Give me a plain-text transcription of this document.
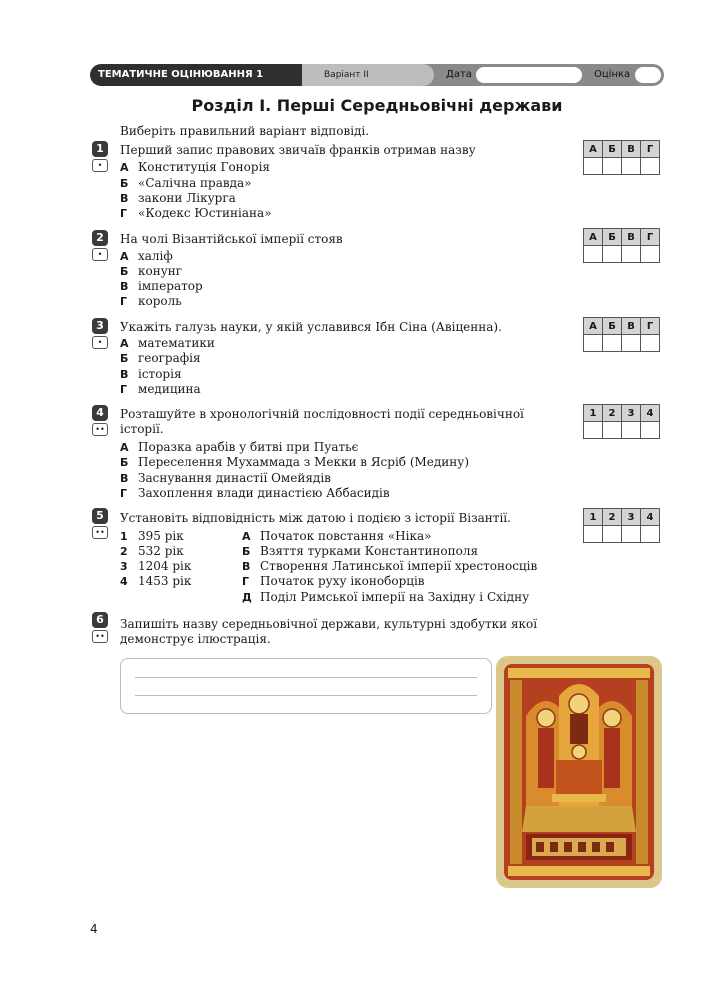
ТЕМАТИЧНЕ ОЦІНЮВАННЯ 1	Варіант ІІ	Дата	Оцінка
Розділ І. Перші Середньовічні держави
Виберіть правильний варіант відповіді.
1
•
Перший запис правових звичаїв франків отримав назву
А Конституція Гонорія
Б «Салічна правда»
В закони Лікурга
Г «Кодекс Юстиніана»
А	Б	В	Г

2
•
На чолі Візантійської імперії стояв
А халіф
Б конунг
В імператор
Г король
А	Б	В	Г

3
•
Укажіть галузь науки, у якій уславився Ібн Сіна (Авіценна).
А математики
Б географія
В історія
Г медицина
А	Б	В	Г

4
••
Розташуйте в хронологічній послідовності події середньовічної історії.
А Поразка арабів у битві при Пуатьє
Б Переселення Мухаммада з Мекки в Ясріб (Медину)
В Заснування династії Омейядів
Г Захоплення влади династією Аббасидів
1	2	3	4

5
••
Установіть відповідність між датою і подією з історії Візантії.
1 395 рік
2 532 рік
3 1204 рік
4 1453 рік
А Початок повстання «Ніка»
Б Взяття турками Константинополя
В Створення Латинської імперії хрестоносців
Г Початок руху іконоборців
Д Поділ Римської імперії на Західну і Східну
1	2	3	4

6
••
Запишіть назву середньовічної держави, культурні здобутки якої демонструє ілюстрація.
4
